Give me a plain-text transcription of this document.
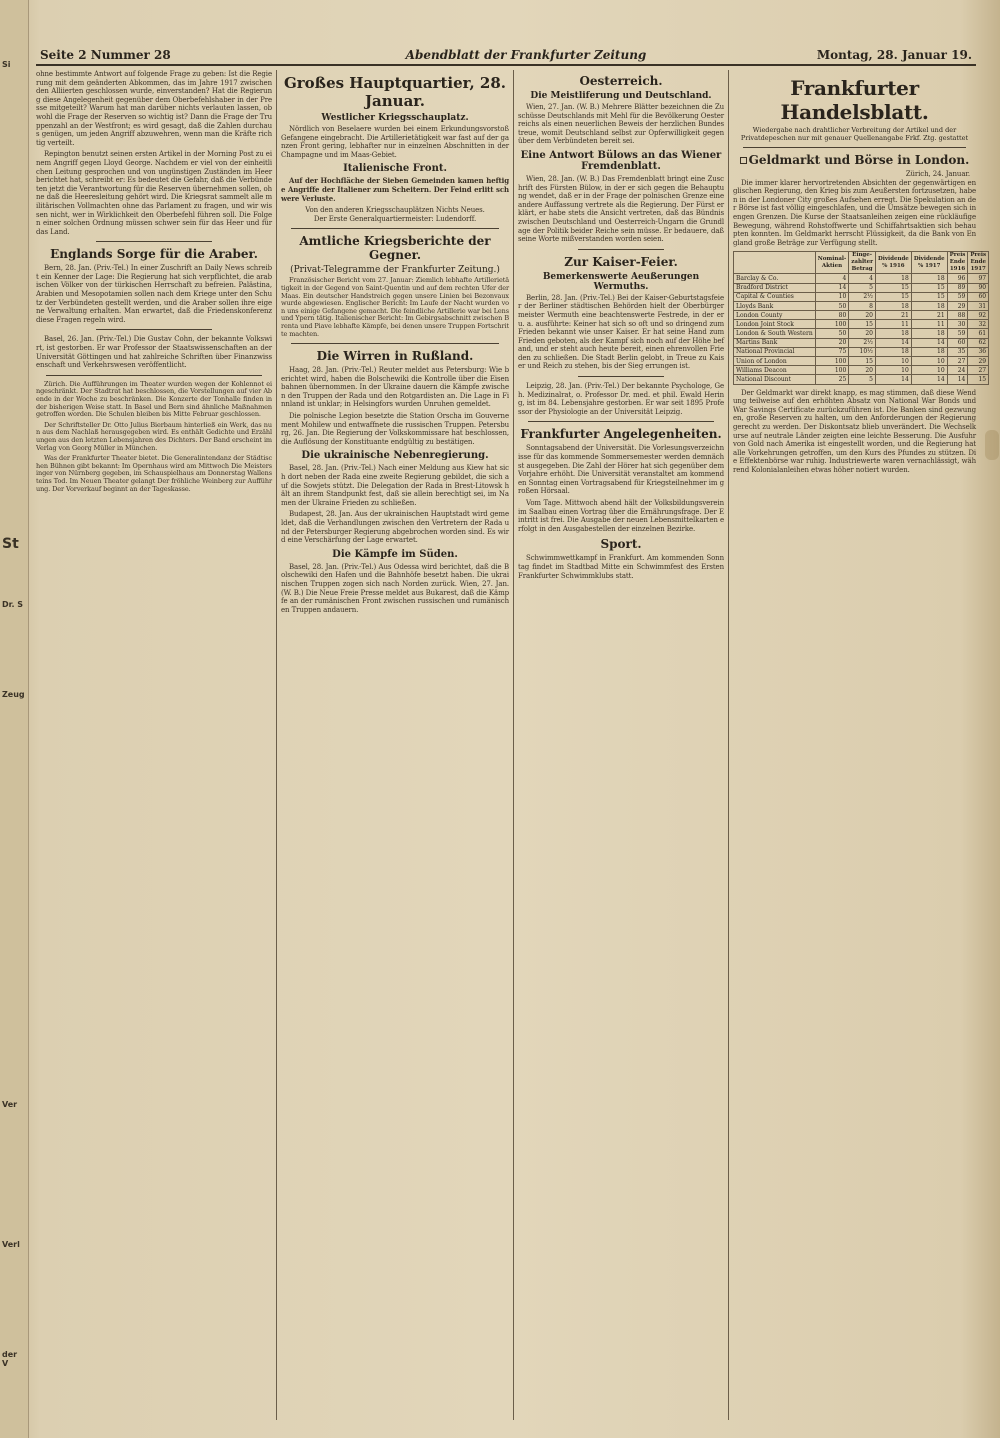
Si
St
Dr. S
Zeug
Ver
Verl
der V
Seite 2 Nummer 28	Abendblatt der Frankfurter Zeitung	Montag, 28. Januar 19.
ohne bestimmte Antwort auf folgende Frage zu geben: Ist die Regierung mit dem geänderten Abkommen, das im Jahre 1917 zwischen den Alliierten geschlossen wurde, einverstanden? Hat die Regierung diese Angelegenheit gegenüber dem Oberbefehlshaber in der Presse mitgeteilt? Warum hat man darüber nichts verlauten lassen, obwohl die Frage der Reserven so wichtig ist? Dann die Frage der Truppenzahl an der Westfront; es wird gesagt, daß die Zahlen durchaus genügen, um jeden Angriff abzuwehren, wenn man die Kräfte richtig verteilt.
Repington benutzt seinen ersten Artikel in der Morning Post zu einem Angriff gegen Lloyd George. Nachdem er viel von der einheitlichen Leitung gesprochen und von ungünstigen Zuständen im Heer berichtet hat, schreibt er: Es bedeutet die Gefahr, daß die Verbündeten jetzt die Verantwortung für die Reserven übernehmen sollen, ohne daß die Heeresleitung gehört wird. Die Kriegsrat sammelt alle militärischen Vollmachten ohne das Parlament zu fragen, und wir wissen nicht, wer in Wirklichkeit den Oberbefehl führen soll. Die Folgen einer solchen Ordnung müssen schwer sein für das Heer und für das Land.
Englands Sorge für die Araber.
Bern, 28. Jan. (Priv.-Tel.) In einer Zuschrift an Daily News schreibt ein Kenner der Lage: Die Regierung hat sich verpflichtet, die arabischen Völker von der türkischen Herrschaft zu befreien. Palästina, Arabien und Mesopotamien sollen nach dem Kriege unter den Schutz der Verbündeten gestellt werden, und die Araber sollen ihre eigene Verwaltung erhalten. Man erwartet, daß die Friedenskonferenz diese Fragen regeln wird.
Basel, 26. Jan. (Priv.-Tel.) Die Gustav Cohn, der bekannte Volkswirt, ist gestorben. Er war Professor der Staatswissenschaften an der Universität Göttingen und hat zahlreiche Schriften über Finanzwissenschaft und Verkehrswesen veröffentlicht.
Zürich. Die Aufführungen im Theater wurden wegen der Kohlennot eingeschränkt. Der Stadtrat hat beschlossen, die Vorstellungen auf vier Abende in der Woche zu beschränken. Die Konzerte der Tonhalle finden in der bisherigen Weise statt. In Basel und Bern sind ähnliche Maßnahmen getroffen worden. Die Schulen bleiben bis Mitte Februar geschlossen.
Der Schriftsteller Dr. Otto Julius Bierbaum hinterließ ein Werk, das nun aus dem Nachlaß herausgegeben wird. Es enthält Gedichte und Erzählungen aus den letzten Lebensjahren des Dichters. Der Band erscheint im Verlag von Georg Müller in München.
Was der Frankfurter Theater bietet. Die Generalintendanz der Städtischen Bühnen gibt bekannt: Im Opernhaus wird am Mittwoch Die Meistersinger von Nürnberg gegeben, im Schauspielhaus am Donnerstag Wallensteins Tod. Im Neuen Theater gelangt Der fröhliche Weinberg zur Aufführung. Der Vorverkauf beginnt an der Tageskasse.
Großes Hauptquartier, 28. Januar.
Westlicher Kriegsschauplatz.
Nördlich von Beselaere wurden bei einem Erkundungsvorstoß Gefangene eingebracht. Die Artillerietätigkeit war fast auf der ganzen Front gering, lebhafter nur in einzelnen Abschnitten in der Champagne und im Maas-Gebiet.
Italienische Front.
Auf der Hochfläche der Sieben Gemeinden kamen heftige Angriffe der Italiener zum Scheitern. Der Feind erlitt schwere Verluste.
Von den anderen Kriegsschauplätzen Nichts Neues.
Der Erste Generalquartiermeister: Ludendorff.
Amtliche Kriegsberichte der Gegner.
(Privat-Telegramme der Frankfurter Zeitung.)
Französischer Bericht vom 27. Januar: Ziemlich lebhafte Artillerietätigkeit in der Gegend von Saint-Quentin und auf dem rechten Ufer der Maas. Ein deutscher Handstreich gegen unsere Linien bei Bezonvaux wurde abgewiesen. Englischer Bericht: Im Laufe der Nacht wurden von uns einige Gefangene gemacht. Die feindliche Artillerie war bei Lens und Ypern tätig. Italienischer Bericht: Im Gebirgsabschnitt zwischen Brenta und Piave lebhafte Kämpfe, bei denen unsere Truppen Fortschritte machten.
Die Wirren in Rußland.
Haag, 28. Jan. (Priv.-Tel.) Reuter meldet aus Petersburg: Wie berichtet wird, haben die Bolschewiki die Kontrolle über die Eisenbahnen übernommen. In der Ukraine dauern die Kämpfe zwischen den Truppen der Rada und den Rotgardisten an. Die Lage in Finnland ist unklar; in Helsingfors wurden Unruhen gemeldet.
Die polnische Legion besetzte die Station Orscha im Gouvernement Mohilew und entwaffnete die russischen Truppen. Petersburg, 26. Jan. Die Regierung der Volkskommissare hat beschlossen, die Auflösung der Konstituante endgültig zu bestätigen.
Die ukrainische Nebenregierung.
Basel, 28. Jan. (Priv.-Tel.) Nach einer Meldung aus Kiew hat sich dort neben der Rada eine zweite Regierung gebildet, die sich auf die Sowjets stützt. Die Delegation der Rada in Brest-Litowsk hält an ihrem Standpunkt fest, daß sie allein berechtigt sei, im Namen der Ukraine Frieden zu schließen.
Budapest, 28. Jan. Aus der ukrainischen Hauptstadt wird gemeldet, daß die Verhandlungen zwischen den Vertretern der Rada und der Petersburger Regierung abgebrochen worden sind. Es wird eine Verschärfung der Lage erwartet.
Die Kämpfe im Süden.
Basel, 28. Jan. (Priv.-Tel.) Aus Odessa wird berichtet, daß die Bolschewiki den Hafen und die Bahnhöfe besetzt haben. Die ukrainischen Truppen zogen sich nach Norden zurück. Wien, 27. Jan. (W. B.) Die Neue Freie Presse meldet aus Bukarest, daß die Kämpfe an der rumänischen Front zwischen russischen und rumänischen Truppen andauern.
Oesterreich.
Die Meistliferung und Deutschland.
Wien, 27. Jan. (W. B.) Mehrere Blätter bezeichnen die Zuschüsse Deutschlands mit Mehl für die Bevölkerung Oesterreichs als einen neuerlichen Beweis der herzlichen Bundestreue, womit Deutschland selbst zur Opferwilligkeit gegenüber dem Verbündeten bereit sei.
Eine Antwort Bülows an das Wiener Fremdenblatt.
Wien, 28. Jan. (W. B.) Das Fremdenblatt bringt eine Zuschrift des Fürsten Bülow, in der er sich gegen die Behauptung wendet, daß er in der Frage der polnischen Grenze eine andere Auffassung vertrete als die Regierung. Der Fürst erklärt, er habe stets die Ansicht vertreten, daß das Bündnis zwischen Deutschland und Oesterreich-Ungarn die Grundlage der Politik beider Reiche sein müsse. Er bedauere, daß seine Worte mißverstanden worden seien.
Zur Kaiser-Feier.
Bemerkenswerte Aeußerungen Wermuths.
Berlin, 28. Jan. (Priv.-Tel.) Bei der Kaiser-Geburtstagsfeier der Berliner städtischen Behörden hielt der Oberbürgermeister Wermuth eine beachtenswerte Festrede, in der er u. a. ausführte: Keiner hat sich so oft und so dringend zum Frieden bekannt wie unser Kaiser. Er hat seine Hand zum Frieden geboten, als der Kampf sich noch auf der Höhe befand, und er steht auch heute bereit, einen ehrenvollen Frieden zu schließen. Die Stadt Berlin gelobt, in Treue zu Kaiser und Reich zu stehen, bis der Sieg errungen ist.
Leipzig, 28. Jan. (Priv.-Tel.) Der bekannte Psychologe, Geh. Medizinalrat, o. Professor Dr. med. et phil. Ewald Hering, ist im 84. Lebensjahre gestorben. Er war seit 1895 Professor der Physiologie an der Universität Leipzig.
Frankfurter Angelegenheiten.
Sonntagsabend der Universität. Die Vorlesungsverzeichnisse für das kommende Sommersemester werden demnächst ausgegeben. Die Zahl der Hörer hat sich gegenüber dem Vorjahre erhöht. Die Universität veranstaltet am kommenden Sonntag einen Vortragsabend für Kriegsteilnehmer im großen Hörsaal.
Vom Tage. Mittwoch abend hält der Volksbildungsverein im Saalbau einen Vortrag über die Ernährungsfrage. Der Eintritt ist frei. Die Ausgabe der neuen Lebensmittelkarten erfolgt in den Ausgabestellen der einzelnen Bezirke.
Sport.
Schwimmwettkampf in Frankfurt. Am kommenden Sonntag findet im Stadtbad Mitte ein Schwimmfest des Ersten Frankfurter Schwimmklubs statt.
Frankfurter Handelsblatt.
Wiedergabe nach drahtlicher Verbreitung der Artikel und der Privatdepeschen nur mit genauer Quellenangabe Frkf. Ztg. gestattet
Geldmarkt und Börse in London.
Zürich, 24. Januar.
Die immer klarer hervortretenden Absichten der gegenwärtigen englischen Regierung, den Krieg bis zum Aeußersten fortzusetzen, haben in der Londoner City großes Aufsehen erregt. Die Spekulation an der Börse ist fast völlig eingeschlafen, und die Umsätze bewegen sich in engen Grenzen. Die Kurse der Staatsanleihen zeigen eine rückläufige Bewegung, während Rohstoffwerte und Schiffahrtsaktien sich behaupten konnten. Im Geldmarkt herrscht Flüssigkeit, da die Bank von England große Beträge zur Verfügung stellt.
	Nominal-Aktien	Einge-zahlter Betrag	Dividende % 1916	Dividende % 1917	Preis Ende 1916	Preis Ende 1917
Barclay & Co.	4	4	18	18	96	97
Bradford District	14	5	15	15	89	90
Capital & Counties	10	2½	15	15	59	60
Lloyds Bank	50	8	18	18	29	31
London County	80	20	21	21	88	92
London Joint Stock	100	15	11	11	30	32
London & South Western	50	20	18	18	59	61
Martins Bank	20	2½	14	14	60	62
National Provincial	75	10½	18	18	35	36
Union of London	100	15	10	10	27	29
Williams Deacon	100	20	10	10	24	27
National Discount	25	5	14	14	14	15
Der Geldmarkt war direkt knapp, es mag stimmen, daß diese Wendung teilweise auf den erhöhten Absatz von National War Bonds und War Savings Certificate zurückzuführen ist. Die Banken sind gezwungen, große Reserven zu halten, um den Anforderungen der Regierung gerecht zu werden. Der Diskontsatz blieb unverändert. Die Wechselkurse auf neutrale Länder zeigten eine leichte Besserung. Die Ausfuhr von Gold nach Amerika ist eingestellt worden, und die Regierung hat alle Vorkehrungen getroffen, um den Kurs des Pfundes zu stützen. Die Effektenbörse war ruhig. Industriewerte waren vernachlässigt, während Kolonialanleihen etwas höher notiert wurden.
